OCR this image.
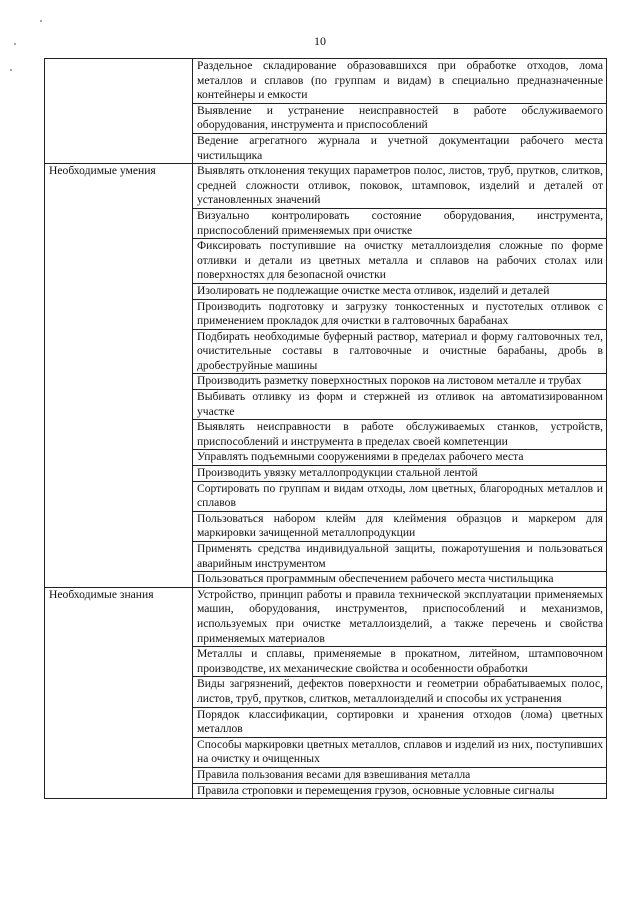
10
	Раздельное складирование образовавшихся при обработке отходов, лома металлов и сплавов (по группам и видам) в специально предназначенные контейнеры и емкости
	Выявление и устранение неисправностей в работе обслуживаемого оборудования, инструмента и приспособлений
	Ведение агрегатного журнала и учетной документации рабочего места чистильщика
Необходимые умения	Выявлять отклонения текущих параметров полос, листов, труб, прутков, слитков, средней сложности отливок, поковок, штамповок, изделий и деталей от установленных значений
	Визуально контролировать состояние оборудования, инструмента, приспособлений применяемых при очистке
	Фиксировать поступившие на очистку металлоизделия сложные по форме отливки и детали из цветных металла и сплавов на рабочих столах или поверхностях для безопасной очистки
	Изолировать не подлежащие очистке места отливок, изделий и деталей
	Производить подготовку и загрузку тонкостенных и пустотелых отливок с применением прокладок для очистки в галтовочных барабанах
	Подбирать необходимые буферный раствор, материал и форму галтовочных тел, очистительные составы в галтовочные и очистные барабаны, дробь в дробеструйные машины
	Производить разметку поверхностных пороков на листовом металле и трубах
	Выбивать отливку из форм и стержней из отливок на автоматизированном участке
	Выявлять неисправности в работе обслуживаемых станков, устройств, приспособлений и инструмента в пределах своей компетенции
	Управлять подъемными сооружениями в пределах рабочего места
	Производить увязку металлопродукции стальной лентой
	Сортировать по группам и видам отходы, лом цветных, благородных металлов и сплавов
	Пользоваться набором клейм для клеймения образцов и маркером для маркировки зачищенной металлопродукции
	Применять средства индивидуальной защиты, пожаротушения и пользоваться аварийным инструментом
	Пользоваться программным обеспечением рабочего места чистильщика
Необходимые знания	Устройство, принцип работы и правила технической эксплуатации применяемых машин, оборудования, инструментов, приспособлений и механизмов, используемых при очистке металлоизделий, а также перечень и свойства применяемых материалов
	Металлы и сплавы, применяемые в прокатном, литейном, штамповочном производстве, их механические свойства и особенности обработки
	Виды загрязнений, дефектов поверхности и геометрии обрабатываемых полос, листов, труб, прутков, слитков, металлоизделий и способы их устранения
	Порядок классификации, сортировки и хранения отходов (лома) цветных металлов
	Способы маркировки цветных металлов, сплавов и изделий из них, поступивших на очистку и очищенных
	Правила пользования весами для взвешивания металла
	Правила строповки и перемещения грузов, основные условные сигналы
